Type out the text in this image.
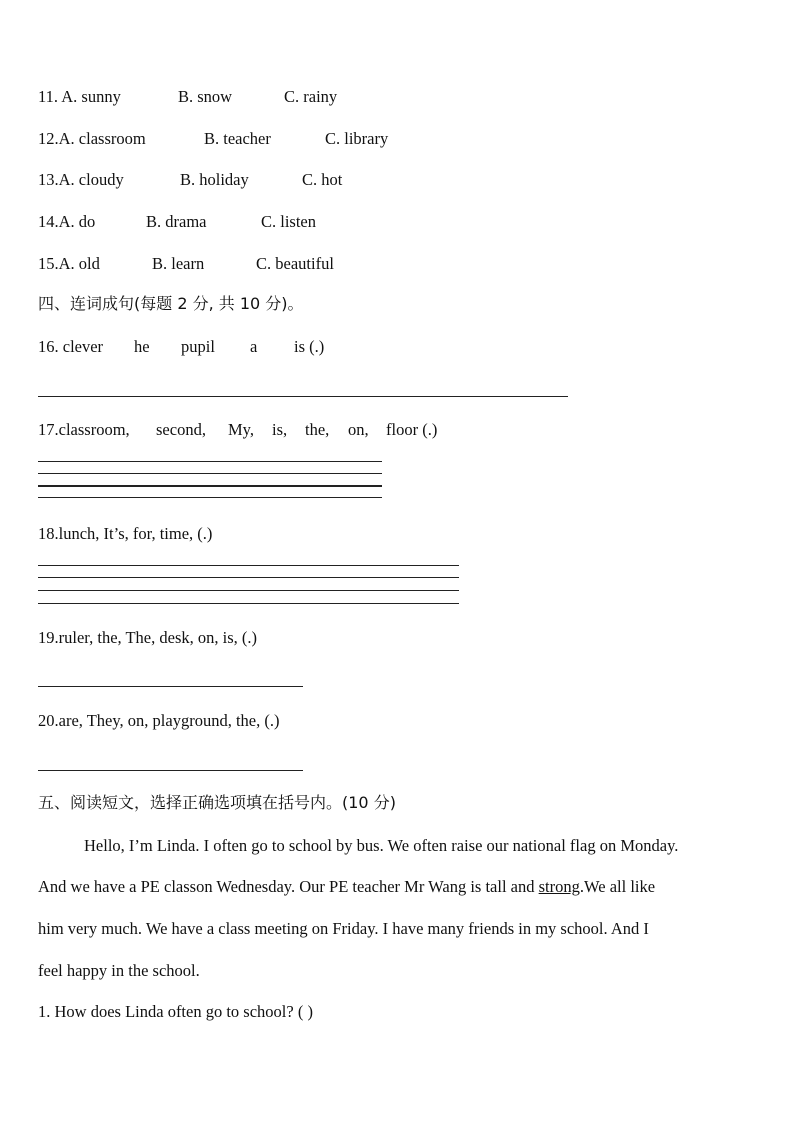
11. A. sunny	B. snow	C. rainy
12.A. classroom	B. teacher	C. library
13.A. cloudy	B. holiday	C. hot
14.A. do	B. drama	C. listen
15.A. old	B. learn	C. beautiful
四、连词成句(每题 2 分, 共 10 分)。
16. clever he pupil a is (.)
17.classroom, second, My, is, the, on, floor (.)
18.lunch, It’s, for, time, (.)
19.ruler, the, The, desk, on, is, (.)
20.are, They, on, playground, the, (.)
五、阅读短文，选择正确选项填在括号内。(10 分)
Hello, I’m Linda. I often go to school by bus. We often raise our national flag on Monday.
And we have a PE classon Wednesday. Our PE teacher Mr Wang is tall and strong.We all like
him very much. We have a class meeting on Friday. I have many friends in my school. And I
feel happy in the school.
1. How does Linda often go to school? ( )
